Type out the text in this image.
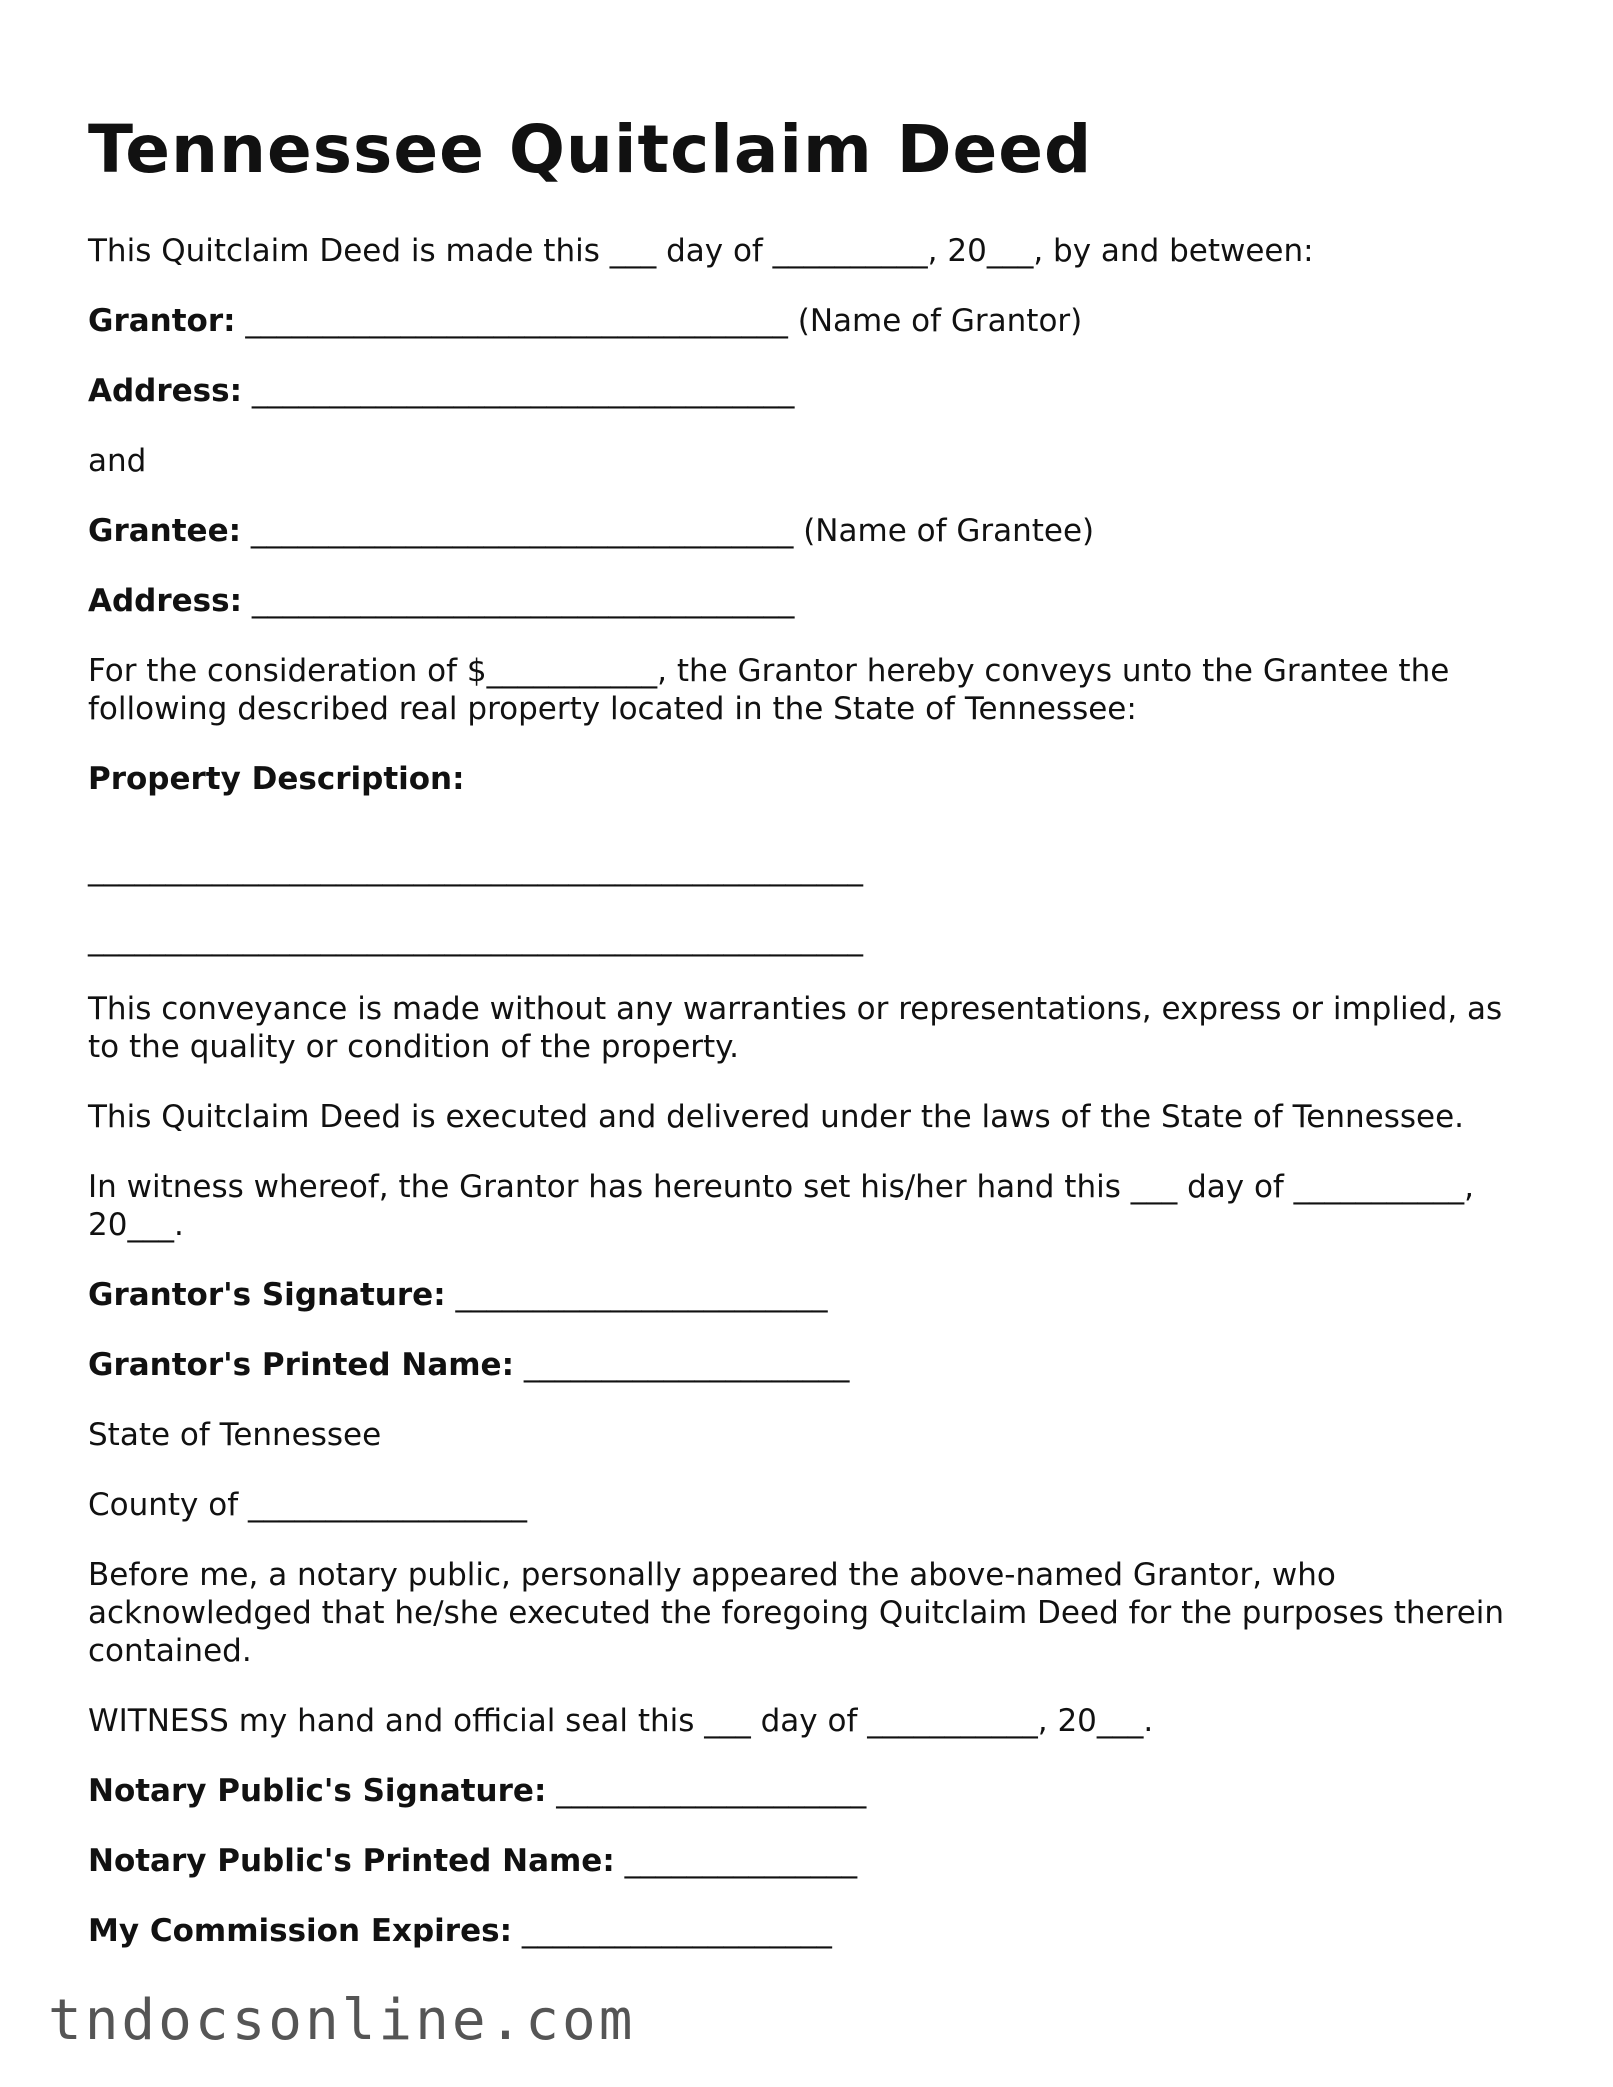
Tennessee Quitclaim Deed

This Quitclaim Deed is made this ___ day of __________, 20___, by and between:

Grantor: ___________________________________ (Name of Grantor)

Address: ___________________________________

and

Grantee: ___________________________________ (Name of Grantee)

Address: ___________________________________

For the consideration of $___________, the Grantor hereby conveys unto the Grantee the following described real property located in the State of Tennessee:

Property Description:

__________________________________________________
__________________________________________________

This conveyance is made without any warranties or representations, express or implied, as to the quality or condition of the property.

This Quitclaim Deed is executed and delivered under the laws of the State of Tennessee.

In witness whereof, the Grantor has hereunto set his/her hand this ___ day of ___________, 20___.

Grantor's Signature: ________________________

Grantor's Printed Name: _____________________

State of Tennessee

County of __________________

Before me, a notary public, personally appeared the above-named Grantor, who acknowledged that he/she executed the foregoing Quitclaim Deed for the purposes therein contained.

WITNESS my hand and official seal this ___ day of ___________, 20___.

Notary Public's Signature: ____________________

Notary Public's Printed Name: _______________

My Commission Expires: ____________________

tndocsonline.com
